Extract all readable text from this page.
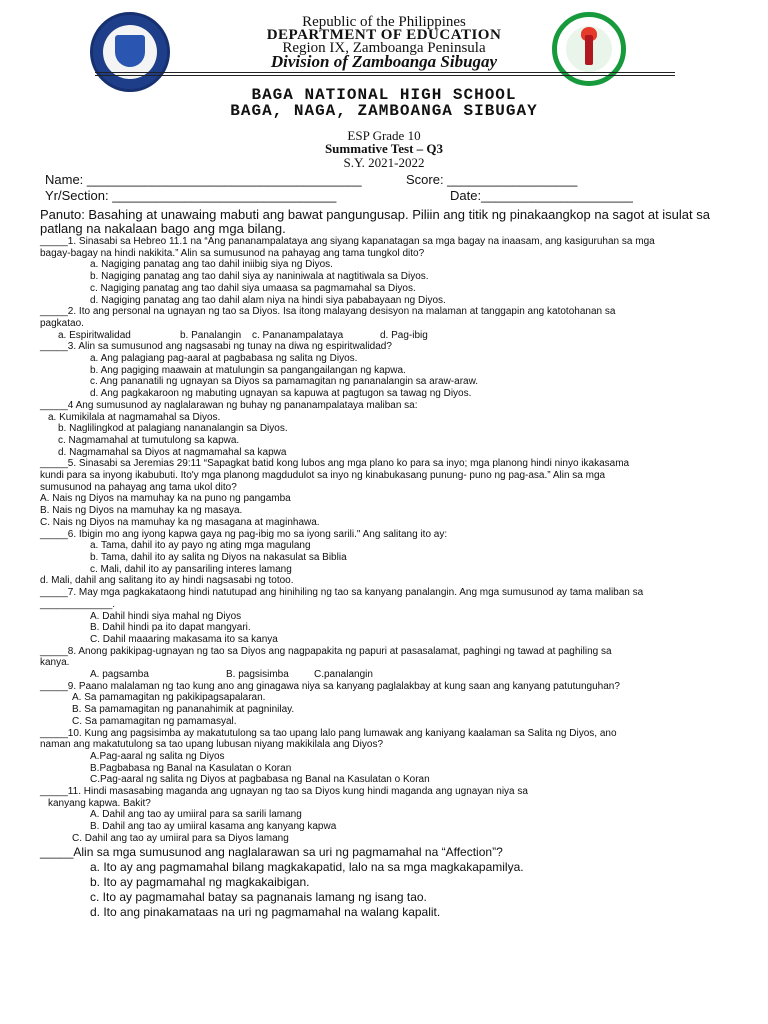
Republic of the Philippines
DEPARTMENT OF EDUCATION
Region IX, Zamboanga Peninsula
Division of Zamboanga Sibugay
BAGA NATIONAL HIGH SCHOOL
BAGA, NAGA, ZAMBOANGA SIBUGAY
ESP Grade 10
Summative Test – Q3
S.Y. 2021-2022
Name: ______________________________________	Score: __________________
Yr/Section: _______________________________	Date:_____________________
Panuto: Basahing at unawaing mabuti ang bawat pangungusap. Piliin ang titik ng pinakaangkop na sagot at isulat sa patlang na nakalaan bago ang mga bilang.
_____1. Sinasabi sa Hebreo 11.1 na “Ang pananampalataya ang siyang kapanatagan sa mga bagay na inaasam, ang kasiguruhan sa mga
bagay-bagay na hindi nakikita.” Alin sa sumusunod na pahayag ang tama tungkol dito?
a. Nagiging panatag ang tao dahil iniibig siya ng Diyos.
b. Nagiging panatag ang tao dahil siya ay naniniwala at nagtitiwala sa Diyos.
c. Nagiging panatag ang tao dahil siya umaasa sa pagmamahal sa Diyos.
d. Nagiging panatag ang tao dahil alam niya na hindi siya pababayaan ng Diyos.
_____2. Ito ang personal na ugnayan ng tao sa Diyos. Isa itong malayang desisyon na malaman at tanggapin ang katotohanan sa
pagkatao.
a. Espiritwalidad	b. Panalangin c. Pananampalataya	d. Pag-ibig
_____3. Alin sa sumusunod ang nagsasabi ng tunay na diwa ng espiritwalidad?
a. Ang palagiang pag-aaral at pagbabasa ng salita ng Diyos.
b. Ang pagiging maawain at matulungin sa pangangailangan ng kapwa.
c. Ang pananatili ng ugnayan sa Diyos sa pamamagitan ng pananalangin sa araw-araw.
d. Ang pagkakaroon ng mabuting ugnayan sa kapuwa at pagtugon sa tawag ng Diyos.
_____4 Ang sumusunod ay naglalarawan ng buhay ng pananampalataya maliban sa:
a. Kumikilala at nagmamahal sa Diyos.
b. Naglilingkod at palagiang nananalangin sa Diyos.
c. Nagmamahal at tumutulong sa kapwa.
d. Nagmamahal sa Diyos at nagmamahal sa kapwa
_____5. Sinasabi sa Jeremias 29:11 “Sapagkat batid kong lubos ang mga plano ko para sa inyo; mga planong hindi ninyo ikakasama
kundi para sa inyong ikabubuti. Ito'y mga planong magdudulot sa inyo ng kinabukasang punung- puno ng pag-asa.” Alin sa mga
sumusunod na pahayag ang tama ukol dito?
A. Nais ng Diyos na mamuhay ka na puno ng pangamba
B. Nais ng Diyos na mamuhay ka ng masaya.
C. Nais ng Diyos na mamuhay ka ng masagana at maginhawa.
_____6. Ibigin mo ang iyong kapwa gaya ng pag-ibig mo sa iyong sarili." Ang salitang ito ay:
a. Tama, dahil ito ay payo ng ating mga magulang
b. Tama, dahil ito ay salita ng Diyos na nakasulat sa Biblia
c. Mali, dahil ito ay pansariling interes lamang
d. Mali, dahil ang salitang ito ay hindi nagsasabi ng totoo.
_____7. May mga pagkakataong hindi natutupad ang hinihiling ng tao sa kanyang panalangin. Ang mga sumusunod ay tama maliban sa
_____________.
A. Dahil hindi siya mahal ng Diyos
B. Dahil hindi pa ito dapat mangyari.
C. Dahil maaaring makasama ito sa kanya
_____8. Anong pakikipag-ugnayan ng tao sa Diyos ang nagpapakita ng papuri at pasasalamat, paghingi ng tawad at paghiling sa
kanya.
A. pagsamba	B. pagsisimba	C.panalangin
_____9. Paano malalaman ng tao kung ano ang ginagawa niya sa kanyang paglalakbay at kung saan ang kanyang patutunguhan?
A. Sa pamamagitan ng pakikipagsapalaran.
B. Sa pamamagitan ng pananahimik at pagninilay.
C. Sa pamamagitan ng pamamasyal.
_____10. Kung ang pagsisimba ay makatutulong sa tao upang lalo pang lumawak ang kaniyang kaalaman sa Salita ng Diyos, ano
naman ang makatutulong sa tao upang lubusan niyang makikilala ang Diyos?
A.Pag-aaral ng salita ng Diyos
B.Pagbabasa ng Banal na Kasulatan o Koran
C.Pag-aaral ng salita ng Diyos at pagbabasa ng Banal na Kasulatan o Koran
_____11. Hindi masasabing maganda ang ugnayan ng tao sa Diyos kung hindi maganda ang ugnayan niya sa
kanyang kapwa. Bakit?
A. Dahil ang tao ay umiiral para sa sarili lamang
B. Dahil ang tao ay umiiral kasama ang kanyang kapwa
C. Dahil ang tao ay umiiral para sa Diyos lamang
_____Alin sa mga sumusunod ang naglalarawan sa uri ng pagmamahal na “Affection”?
a. Ito ay ang pagmamahal bilang magkakapatid, lalo na sa mga magkakapamilya.
b. Ito ay pagmamahal ng magkakaibigan.
c. Ito ay pagmamahal batay sa pagnanais lamang ng isang tao.
d. Ito ang pinakamataas na uri ng pagmamahal na walang kapalit.
